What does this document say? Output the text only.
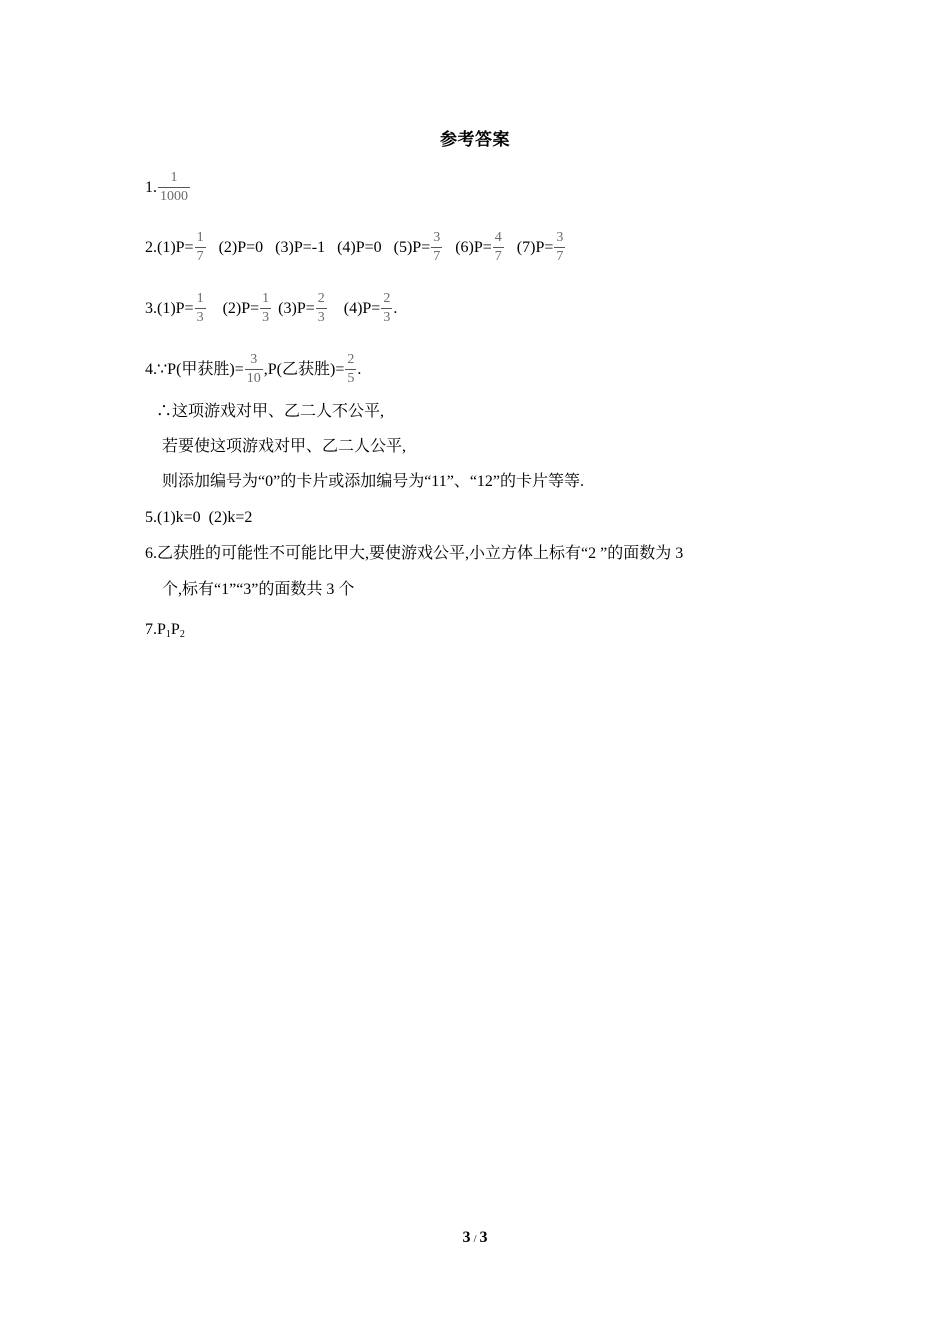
参考答案
1. $\frac{1}{1000}$
$2.(1)P= \frac{1}{7} (2)P=0$ (3)P=-1 (4)P=0 $(5)P= \frac{3}{7} (6)P= \frac{4}{7} (7)P= \frac{3}{7}$
$3.(1)P= \frac{1}{3} (2)P= \frac{1}{3} (3)P= \frac{2}{3} (4)P= \frac{2}{3}$ .
4.∵P(甲获胜)= $\frac{3}{10} ,P$(乙获胜)= $\frac{2}{5}$ .
∴这项游戏对甲、乙二人不公平,
若要使这项游戏对甲、乙二人公平,
则添加编号为“0”的卡片或添加编号为“11”、“12”的卡片等等.
5.(1)k=0  (2)k=2
6.乙获胜的可能性不可能比甲大,要使游戏公平,小立方体上标有“2 ”的面数为 3
个,标有“1”“3”的面数共 3 个
$7.P_1P_2$
3 / 3
